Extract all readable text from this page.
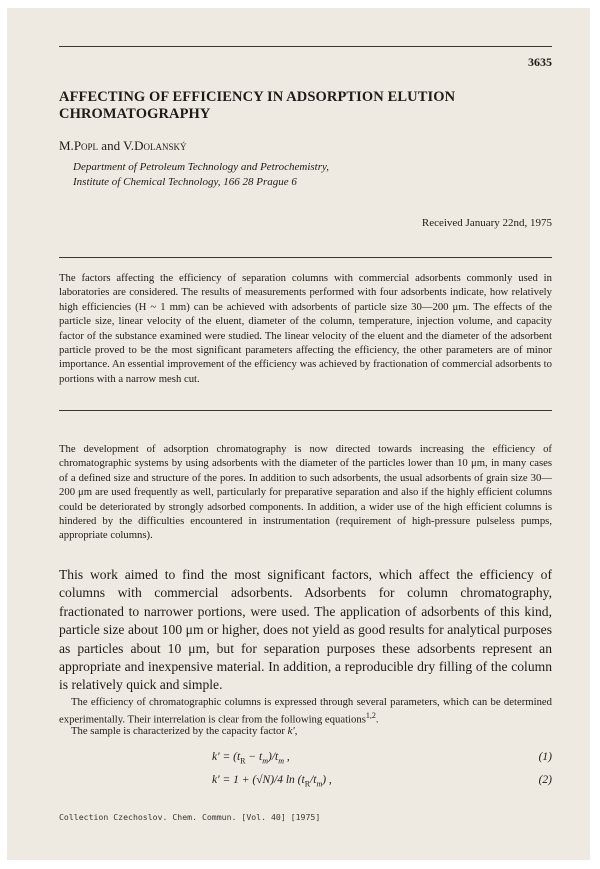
3635
AFFECTING OF EFFICIENCY IN ADSORPTION ELUTION CHROMATOGRAPHY
M.Popl and V.Dolanský
Department of Petroleum Technology and Petrochemistry,
Institute of Chemical Technology, 166 28 Prague 6
Received January 22nd, 1975

The factors affecting the efficiency of separation columns with commercial adsorbents commonly used in laboratories are considered. The results of measurements performed with four adsorbents indicate, how relatively high efficiencies (H ~ 1 mm) can be achieved with adsorbents of particle size 30—200 μm. The effects of the particle size, linear velocity of the eluent, diameter of the column, temperature, injection volume, and capacity factor of the substance examined were studied. The linear velocity of the eluent and the diameter of the adsorbent particle proved to be the most significant parameters affecting the efficiency, the other parameters are of minor importance. An essential improvement of the efficiency was achieved by fractionation of commercial adsorbents to portions with a narrow mesh cut.

The development of adsorption chromatography is now directed towards increasing the efficiency of chromatographic systems by using adsorbents with the diameter of the particles lower than 10 μm, in many cases of a defined size and structure of the pores. In addition to such adsorbents, the usual adsorbents of grain size 30—200 μm are used frequently as well, particularly for preparative separation and also if the highly efficient columns could be deteriorated by strongly adsorbed components. In addition, a wider use of the high efficient columns is hindered by the difficulties encountered in instrumentation (requirement of high-pressure pulseless pumps, appropriate columns).

This work aimed to find the most significant factors, which affect the efficiency of columns with commercial adsorbents. Adsorbents for column chromatography, fractionated to narrower portions, were used. The application of adsorbents of this kind, particle size about 100 μm or higher, does not yield as good results for analytical purposes as particles about 10 μm, but for separation purposes these adsorbents represent an appropriate and inexpensive material. In addition, a reproducible dry filling of the column is relatively quick and simple.

The efficiency of chromatographic columns is expressed through several parameters, which can be determined experimentally. Their interrelation is clear from the following equations$^{1,2}$.

The sample is characterized by the capacity factor k′,

$k' = (t_R - t_m)/t_m$ ,	(1)
k′ = 1 + (√N)/4 $\ln (t_R/t_m)$ ,	(2)
Collection Czechoslov. Chem. Commun. [Vol. 40] [1975]
